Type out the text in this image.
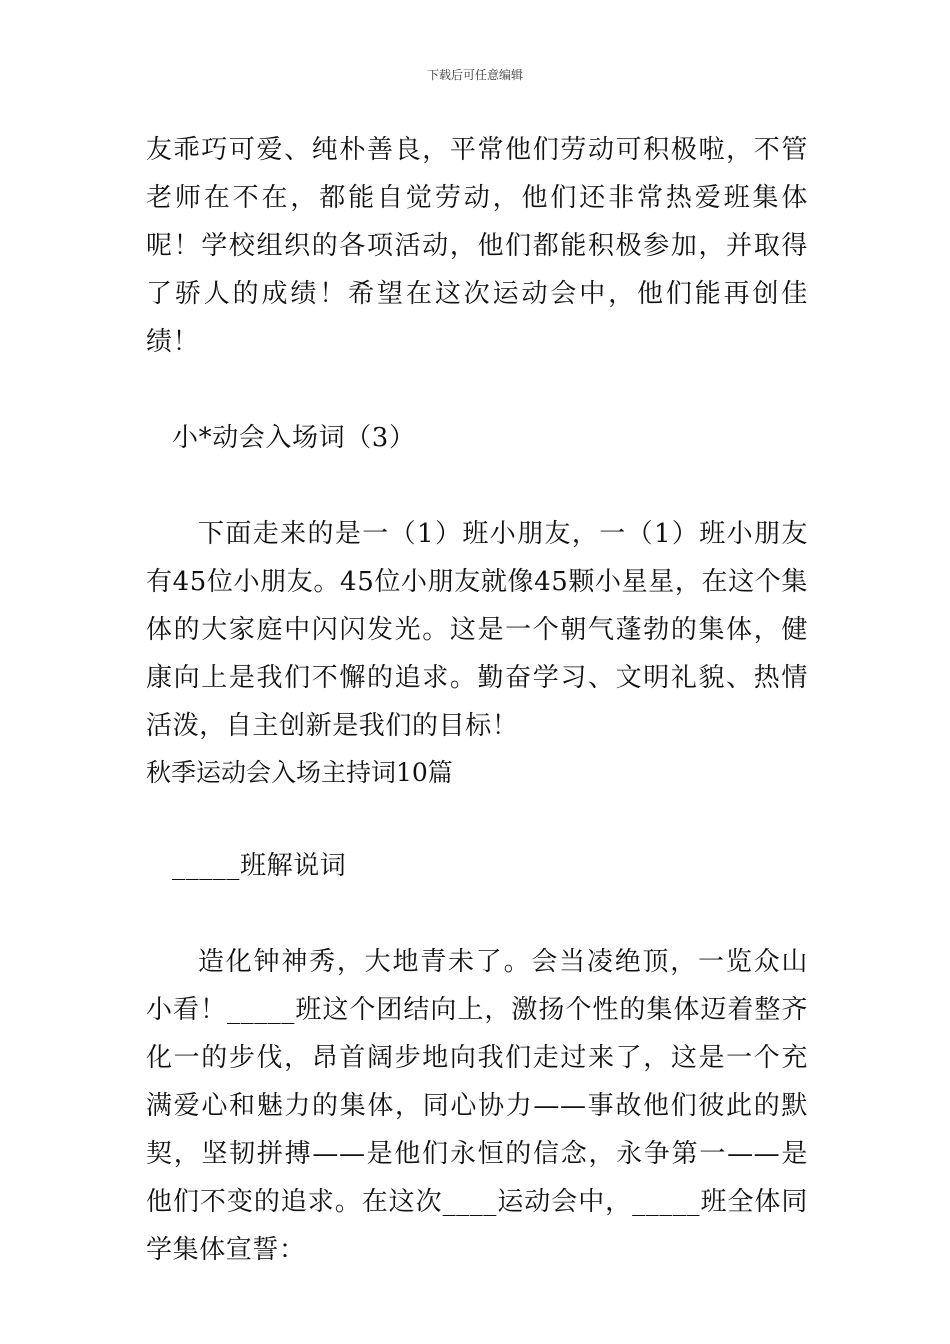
下载后可任意编辑

友乖巧可爱、纯朴善良，平常他们劳动可积极啦，不管老师在不在，都能自觉劳动，他们还非常热爱班集体呢！学校组织的各项活动，他们都能积极参加，并取得了骄人的成绩！希望在这次运动会中，他们能再创佳绩！

小*动会入场词（3）

下面走来的是一（1）班小朋友，一（1）班小朋友有45位小朋友。45位小朋友就像45颗小星星，在这个集体的大家庭中闪闪发光。这是一个朝气蓬勃的集体，健康向上是我们不懈的追求。勤奋学习、文明礼貌、热情活泼，自主创新是我们的目标！

秋季运动会入场主持词10篇

_____班解说词

造化钟神秀，大地青未了。会当凌绝顶，一览众山小看！_____班这个团结向上，激扬个性的集体迈着整齐化一的步伐，昂首阔步地向我们走过来了，这是一个充满爱心和魅力的集体，同心协力——事故他们彼此的默契，坚韧拼搏——是他们永恒的信念，永争第一——是他们不变的追求。在这次____运动会中，_____班全体同学集体宣誓：
